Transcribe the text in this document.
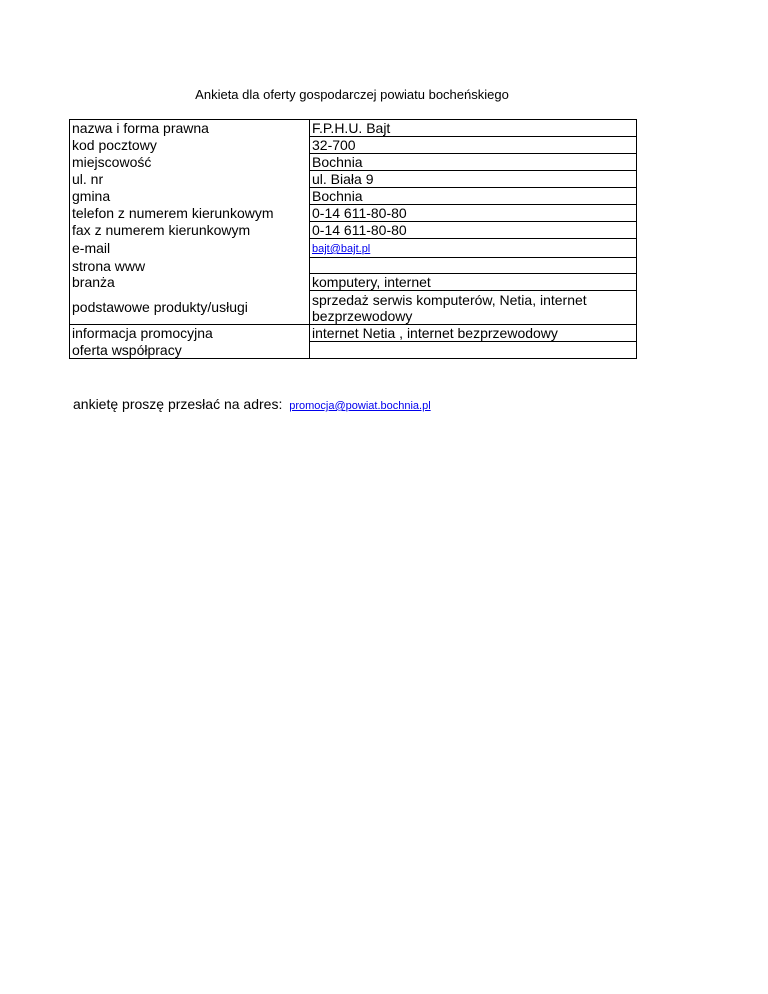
Ankieta dla oferty gospodarczej powiatu bocheńskiego
nazwa i forma prawna	F.P.H.U. Bajt
kod pocztowy	32-700
miejscowość	Bochnia
ul. nr	ul. Biała 9
gmina	Bochnia
telefon z numerem kierunkowym	0-14 611-80-80
fax z numerem kierunkowym	0-14 611-80-80
e-mail	bajt@bajt.pl
strona www	
branża	komputery, internet
podstawowe produkty/usługi	sprzedaż serwis komputerów, Netia, internet bezprzewodowy
informacja promocyjna	internet Netia , internet bezprzewodowy
oferta współpracy	
ankietę proszę przesłać na adres: promocja@powiat.bochnia.pl
